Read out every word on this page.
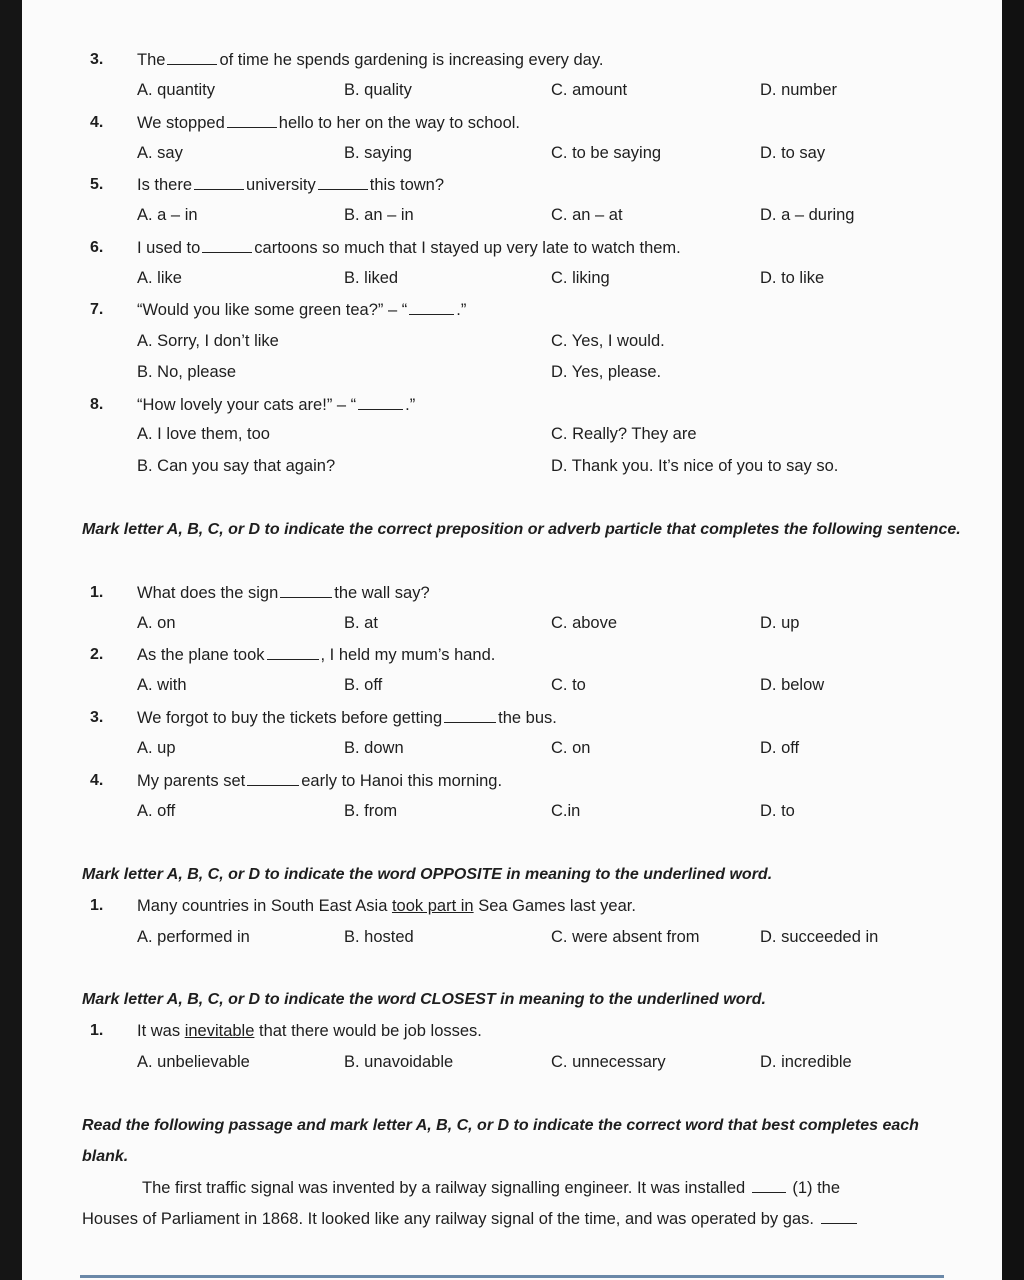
3. The	of time he spends gardening is increasing every day.
A. quantity	B. quality	C. amount	D. number
4. We stopped	hello to her on the way to school.
A. say	B. saying	C. to be saying	D. to say
5. Is there	university	this town?
A. a – in	B. an – in	C. an – at	D. a – during
6. I used to	cartoons so much that I stayed up very late to watch them.
A. like	B. liked	C. liking	D. to like
7. “Would you like some green tea?” – “	.”
A. Sorry, I don’t like	C. Yes, I would.
B. No, please	D. Yes, please.
8. “How lovely your cats are!” – “	.”
A. I love them, too	C. Really? They are
B. Can you say that again?	D. Thank you. It’s nice of you to say so.
Mark letter A, B, C, or D to indicate the correct preposition or adverb particle that completes the following sentence.
1. What does the sign	the wall say?
A. on	B. at	C. above	D. up
2. As the plane took	, I held my mum’s hand.
A. with	B. off	C. to	D. below
3. We forgot to buy the tickets before getting	the bus.
A. up	B. down	C. on	D. off
4. My parents set	early to Hanoi this morning.
A. off	B. from	C.in	D. to
Mark letter A, B, C, or D to indicate the word OPPOSITE in meaning to the underlined word.
Mark letter A, B, C, or D to indicate the word CLOSEST in meaning to the underlined word.
1. Many countries in South East Asia took part in Sea Games last year.
A. performed in	B. hosted	C. were absent from	D. succeeded in
1. It was inevitable that there would be job losses.
A. unbelievable	B. unavoidable	C. unnecessary	D. incredible
Read the following passage and mark letter A, B, C, or D to indicate the correct word that best completes each blank.
The first traffic signal was invented by a railway signalling engineer. It was installed  (1) the
Houses of Parliament in 1868. It looked like any railway signal of the time, and was operated by gas.
